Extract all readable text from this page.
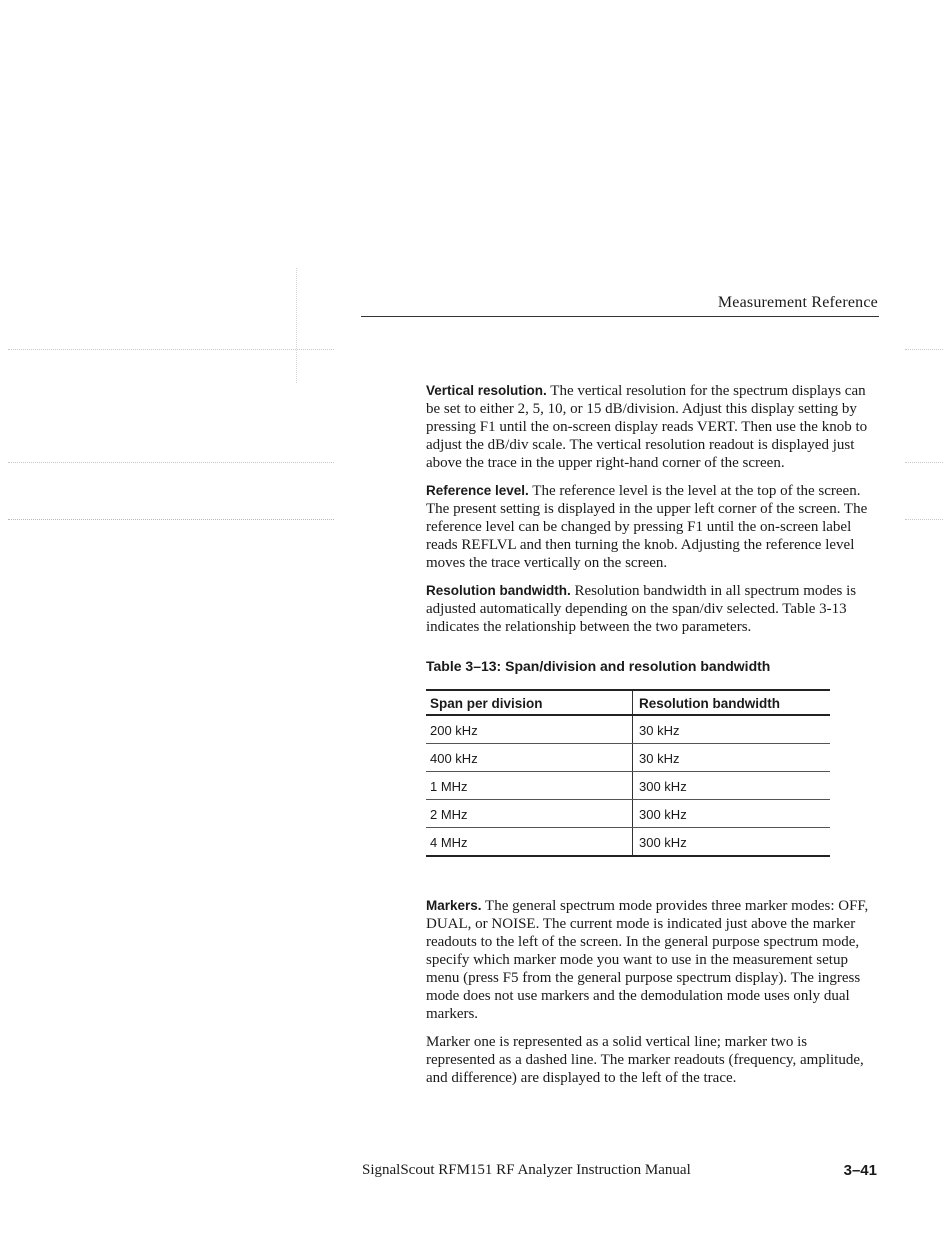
Measurement Reference

Vertical resolution. The vertical resolution for the spectrum displays can be set to either 2, 5, 10, or 15 dB/division. Adjust this display setting by pressing F1 until the on-screen display reads VERT. Then use the knob to adjust the dB/div scale. The vertical resolution readout is displayed just above the trace in the upper right-hand corner of the screen.

Reference level. The reference level is the level at the top of the screen. The present setting is displayed in the upper left corner of the screen. The reference level can be changed by pressing F1 until the on-screen label reads REFLVL and then turning the knob. Adjusting the reference level moves the trace vertically on the screen.

Resolution bandwidth. Resolution bandwidth in all spectrum modes is adjusted automatically depending on the span/div selected. Table 3-13 indicates the relationship between the two parameters.

Table 3–13: Span/division and resolution bandwidth
Span per division	Resolution bandwidth
200 kHz	30 kHz
400 kHz	30 kHz
1 MHz	300 kHz
2 MHz	300 kHz
4 MHz	300 kHz

Markers. The general spectrum mode provides three marker modes: OFF, DUAL, or NOISE. The current mode is indicated just above the marker readouts to the left of the screen. In the general purpose spectrum mode, specify which marker mode you want to use in the measurement setup menu (press F5 from the general purpose spectrum display). The ingress mode does not use markers and the demodulation mode uses only dual markers.

Marker one is represented as a solid vertical line; marker two is represented as a dashed line. The marker readouts (frequency, amplitude, and difference) are displayed to the left of the trace.

SignalScout RFM151 RF Analyzer Instruction Manual	3–41
